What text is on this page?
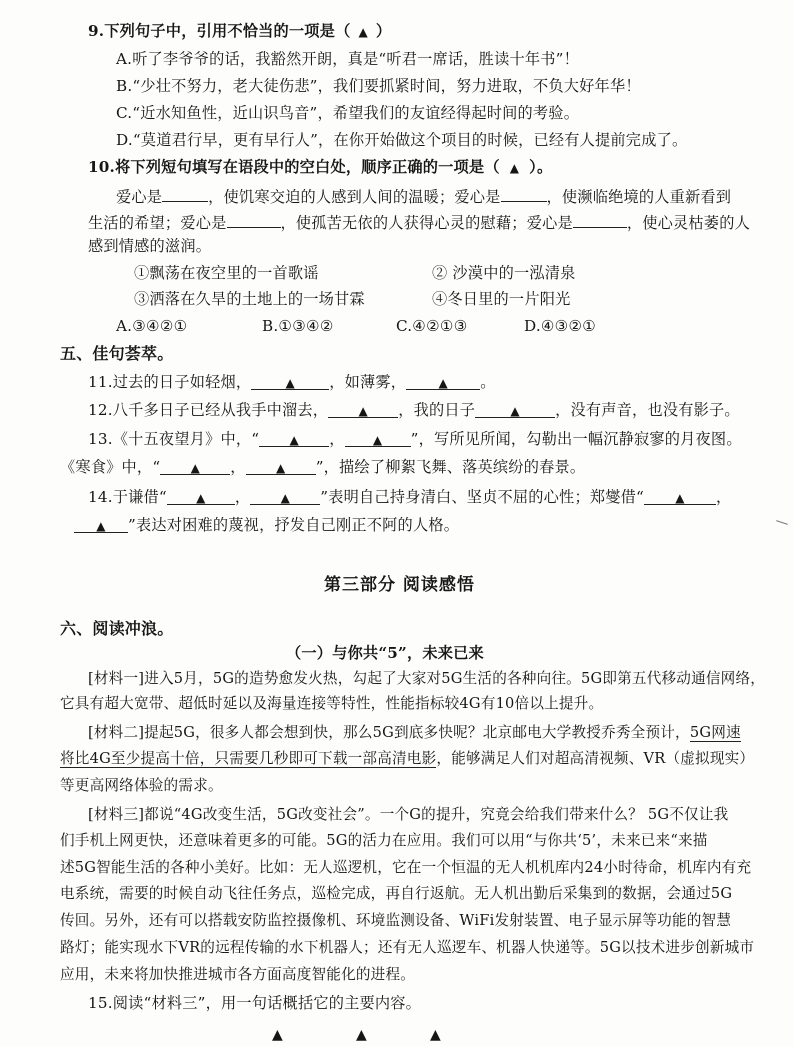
9.下列句子中，引用不恰当的一项是（ ▲ ）
A.听了李爷爷的话，我豁然开朗，真是“听君一席话，胜读十年书”！
B.“少壮不努力，老大徒伤悲”，我们要抓紧时间，努力进取，不负大好年华！
C.“近水知鱼性，近山识鸟音”，希望我们的友谊经得起时间的考验。
D.“莫道君行早，更有早行人”，在你开始做这个项目的时候，已经有人提前完成了。
10.将下列短句填写在语段中的空白处，顺序正确的一项是（ ▲ ）。
爱心是	，使饥寒交迫的人感到人间的温暖；爱心是	，使濒临绝境的人重新看到
生活的希望；爱心是	，使孤苦无依的人获得心灵的慰藉；爱心是	，使心灵枯萎的人
感到情感的滋润。
①飘荡在夜空里的一首歌谣	② 沙漠中的一泓清泉
③洒落在久旱的土地上的一场甘霖	④冬日里的一片阳光
A.③④②①	B.①③④②	C.④②①③	D.④③②①
五、佳句荟萃。
11.过去的日子如轻烟，	▲ ，如薄雾，	▲ 。
12.八千多日子已经从我手中溜去，	▲ ，我的日子	▲ ，没有声音，也没有影子。
13.《十五夜望月》中，“	▲ ， ▲ ”，写所见所闻，勾勒出一幅沉静寂寥的月夜图。
《寒食》中，“	▲ ，	▲ ”，描绘了柳絮飞舞、落英缤纷的春景。
14.于谦借“ ▲ ，	▲ ”表明自己持身清白、坚贞不屈的心性；郑燮借“	▲ ，
▲ ”表达对困难的蔑视，抒发自己刚正不阿的人格。
第三部分 阅读感悟
六、阅读冲浪。
（一）与你共“5”，未来已来
[材料一]进入5月，5G的造势愈发火热，勾起了大家对5G生活的各种向往。5G即第五代移动通信网络，
它具有超大宽带、超低时延以及海量连接等特性，性能指标较4G有10倍以上提升。
[材料二]提起5G，很多人都会想到快，那么5G到底多快呢？北京邮电大学教授乔秀全预计，5G网速
将比4G至少提高十倍，只需要几秒即可下载一部高清电影，能够满足人们对超高清视频、VR（虚拟现实）
等更高网络体验的需求。
[材料三]都说“4G改变生活，5G改变社会”。一个G的提升，究竟会给我们带来什么？ 5G不仅让我
们手机上网更快，还意味着更多的可能。5G的活力在应用。我们可以用“与你共‘5’，未来已来“来描
述5G智能生活的各种小美好。比如：无人巡逻机，它在一个恒温的无人机机库内24小时待命，机库内有充
电系统，需要的时候自动飞往任务点，巡检完成，再自行返航。无人机出勤后采集到的数据，会通过5G
传回。另外，还有可以搭载安防监控摄像机、环境监测设备、WiFi发射装置、电子显示屏等功能的智慧
路灯；能实现水下VR的远程传输的水下机器人；还有无人巡逻车、机器人快递等。5G以技术进步创新城市
应用，未来将加快推进城市各方面高度智能化的进程。
15.阅读“材料三”，用一句话概括它的主要内容。
▲	▲	▲
